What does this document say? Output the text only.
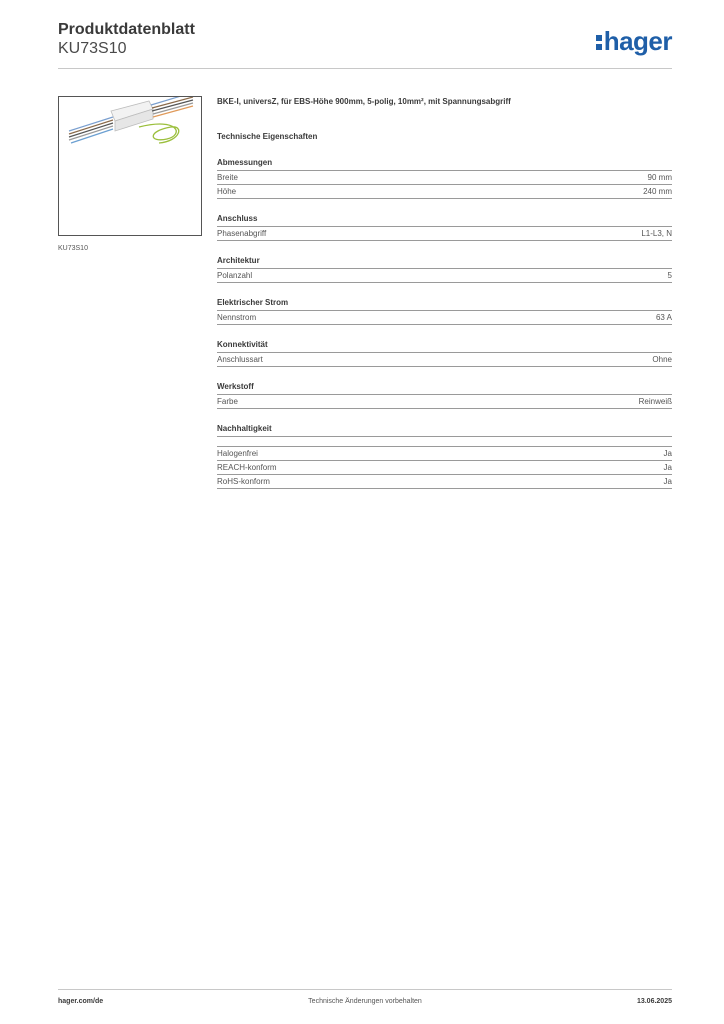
Produktdatenblatt
KU73S10	hager
KU73S10
BKE-I, universZ, für EBS-Höhe 900mm, 5-polig, 10mm², mit Spannungsabgriff
Technische Eigenschaften
Abmessungen
Breite	90 mm
Höhe	240 mm
Anschluss
Phasenabgriff	L1-L3, N
Architektur
Polanzahl	5
Elektrischer Strom
Nennstrom	63 A
Konnektivität
Anschlussart	Ohne
Werkstoff
Farbe	Reinweiß
Nachhaltigkeit
Halogenfrei	Ja
REACH-konform	Ja
RoHS-konform	Ja
hager.com/de	Technische Änderungen vorbehalten	13.06.2025
